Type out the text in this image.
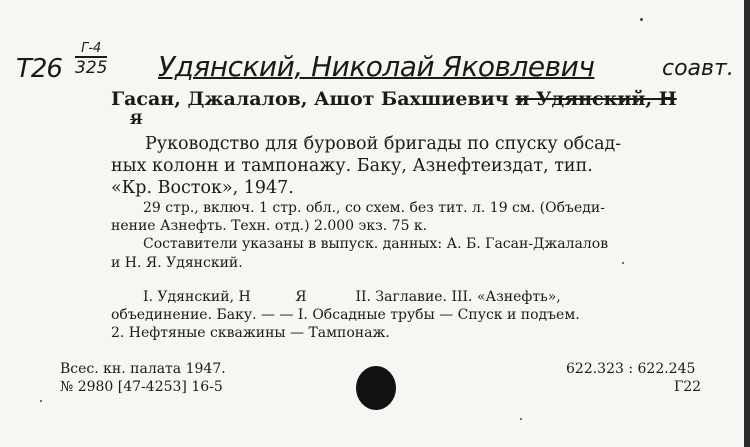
Т26
Г-4
325 Удянский, Николай Яковлевич	соавт.
Гасан, Джалалов, Ашот Бахшиевич и Удянский, Н
Я
Руководство для буровой бригады по спуску обсад-
ных колонн и тампонажу. Баку, Азнефтеиздат, тип.
«Кр. Восток», 1947.
29 стр., включ. 1 стр. обл., со схем. без тит. л. 19 см. (Объеди-
нение Азнефть. Техн. отд.) 2.000 экз. 75 к.
Составители указаны в выпуск. данных: А. Б. Гасан-Джалалов
и Н. Я. Удянский.
I. Удянский, Н          Я           II. Заглавие. III. «Азнефть»,
объединение. Баку. — — I. Обсадные трубы — Спуск и подъем.
2. Нефтяные скважины — Тампонаж.
Всес. кн. палата 1947.
№ 2980 [47-4253] 16-5
622.323 : 622.245
Г22
